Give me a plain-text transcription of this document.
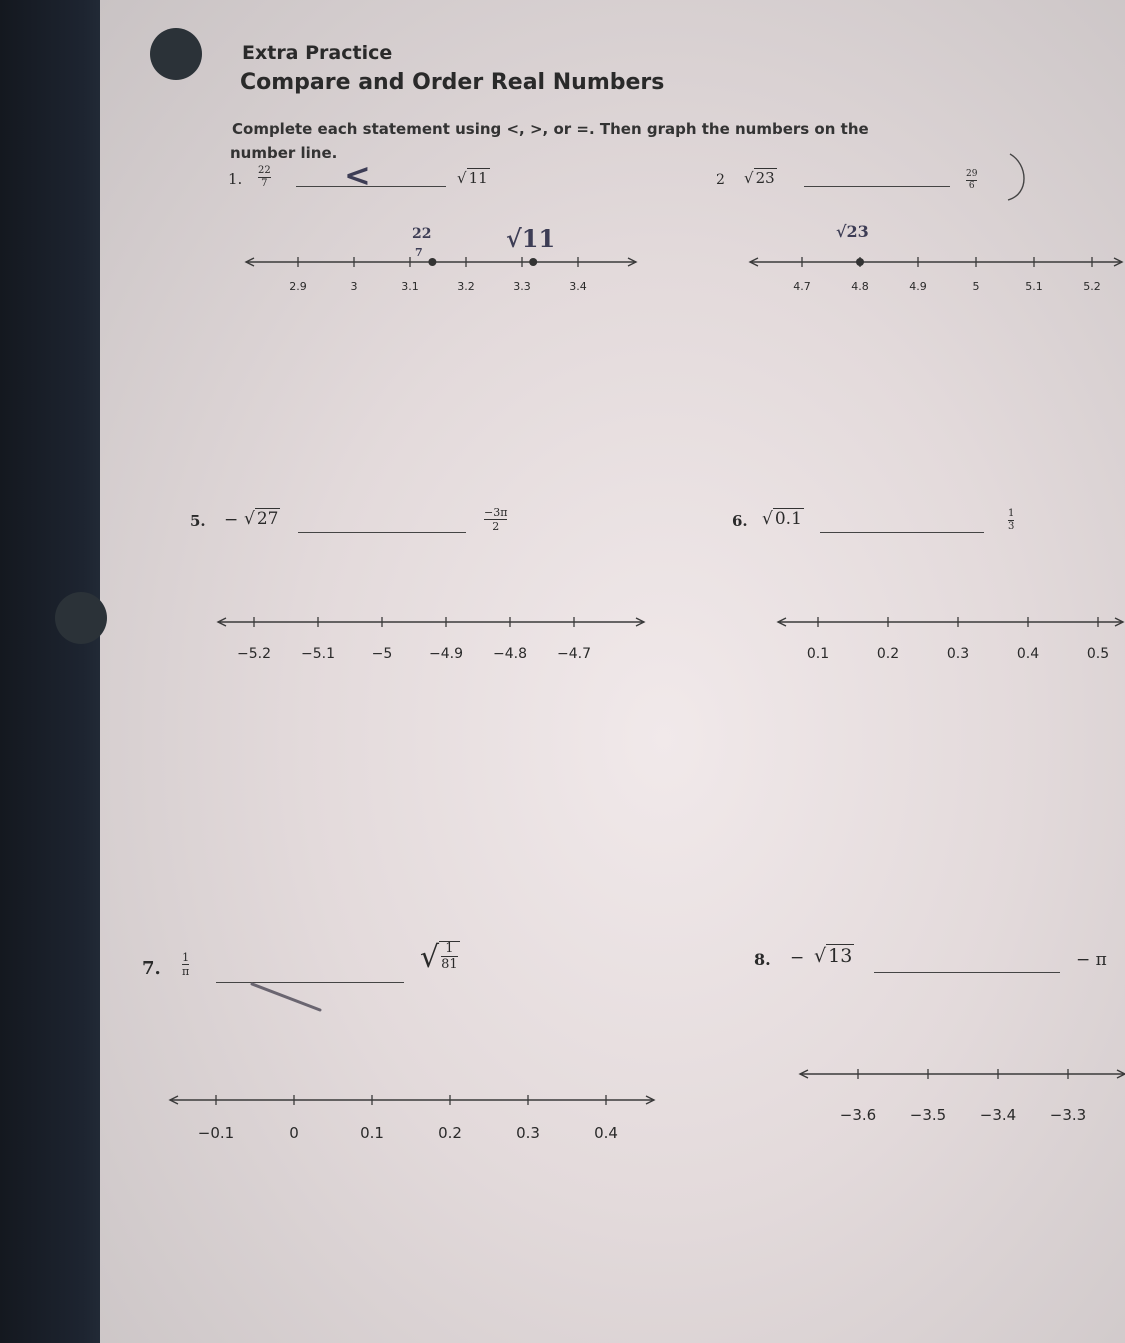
Extra Practice
Compare and Order Real Numbers
Complete each statement using <, >, or =. Then graph the numbers on the
number line.
1. 22
7 <	√ 11	2 √ 23	29
6
22
7	√11	√23
2.9	3	3.1	3.2	3.3	3.4	4.7	4.8	4.9	5	5.1	5.2
5. − √ 27	−3π
2	6. √ 0.1	1
3
−5.2 −5.1	−5	−4.9 −4.8 −4.7	0.1	0.2	0.3	0.4	0.5
7.
1
π	√ 1
81	8. − √ 13	− π
−0.1	0	0.1	0.2	0.3	0.4
−3.6 −3.5 −3.4 −3.3
